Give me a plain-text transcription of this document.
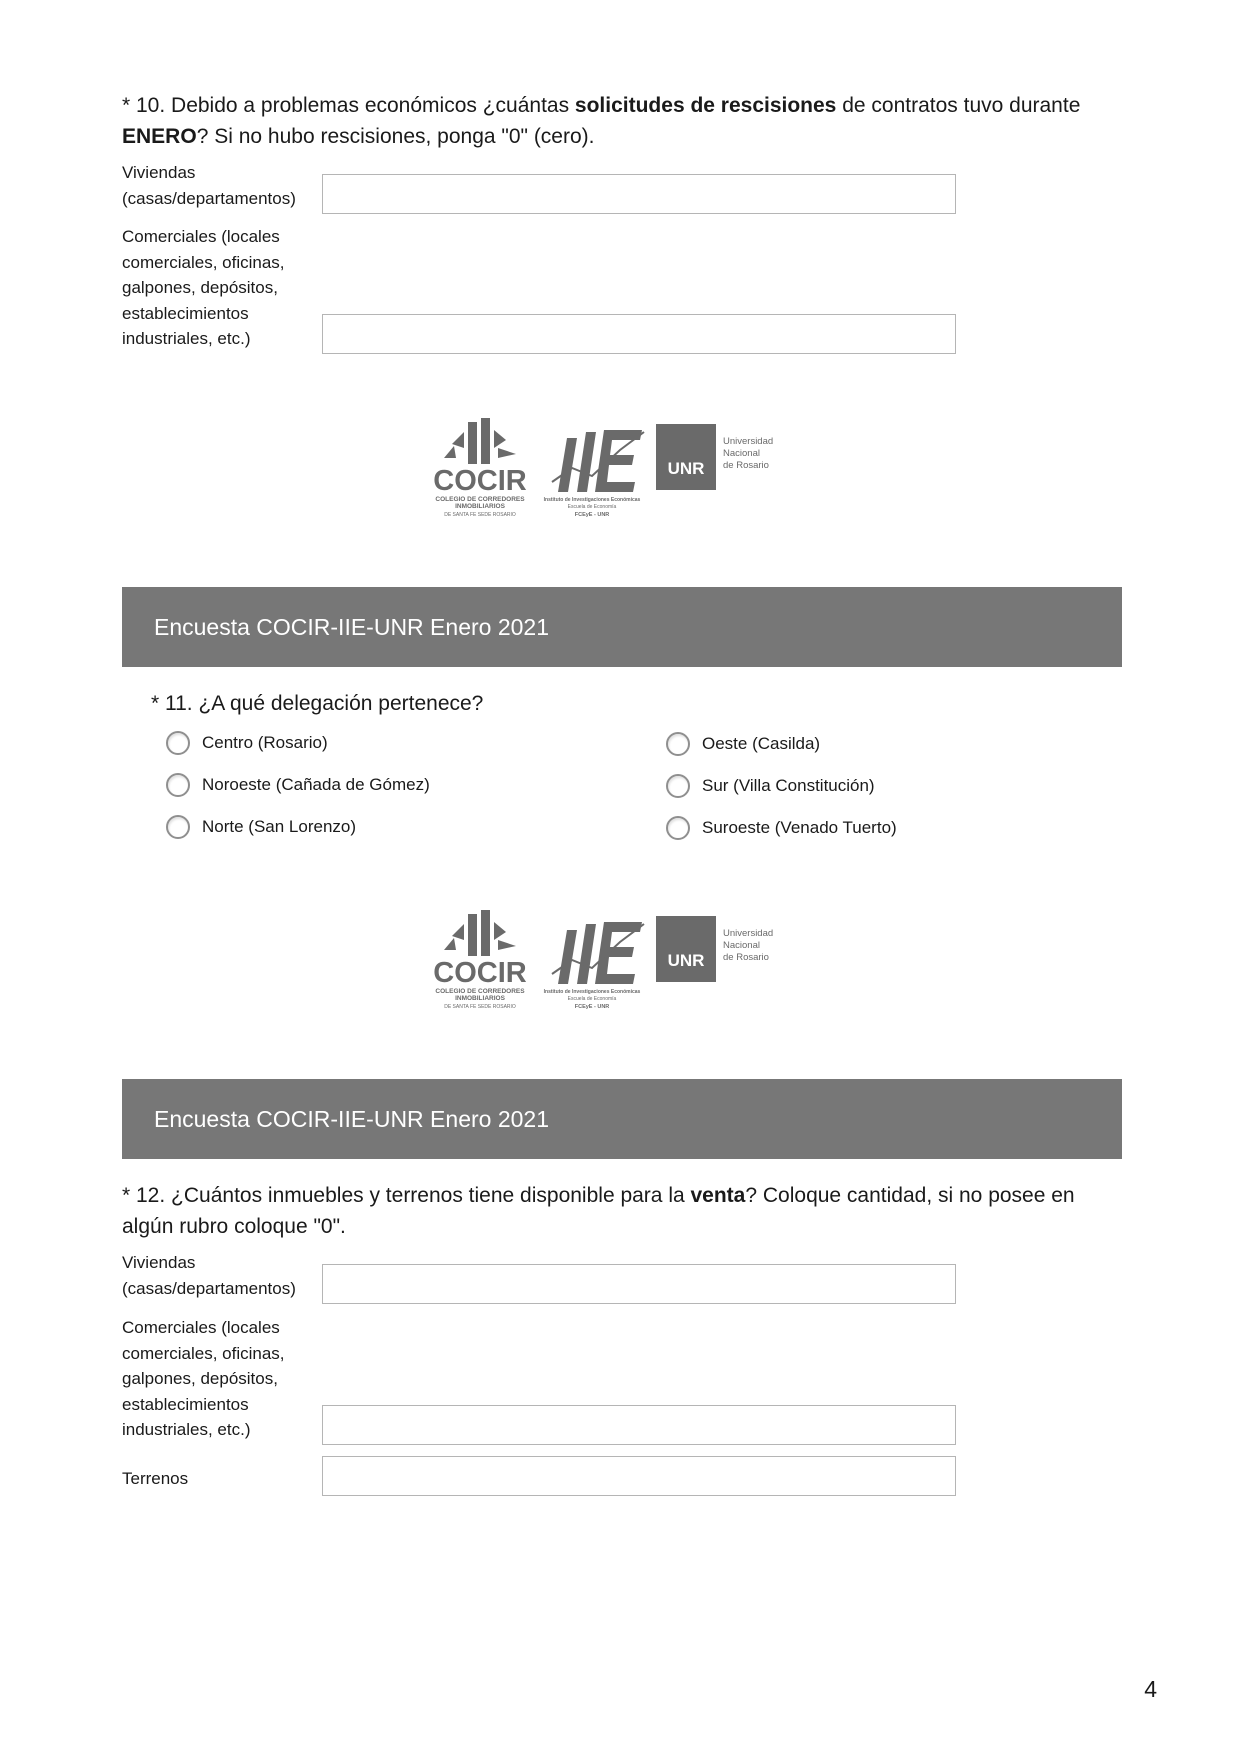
* 10. Debido a problemas económicos ¿cuántas solicitudes de rescisiones de contratos tuvo durante ENERO? Si no hubo rescisiones, ponga "0" (cero).
Viviendas (casas/departamentos)
Comerciales (locales comerciales, oficinas, galpones, depósitos, establecimientos industriales, etc.)
COCIR
COLEGIO DE CORREDORES
INMOBILIARIOS
DE SANTA FE SEDE ROSARIO
Instituto de Investigaciones Económicas
Escuela de Economía
FCEyE - UNR
UNR
Universidad
Nacional
de Rosario
Encuesta COCIR-IIE-UNR Enero 2021
* 11. ¿A qué delegación pertenece?
Centro (Rosario)
Noroeste (Cañada de Gómez)
Norte (San Lorenzo)
Oeste (Casilda)
Sur (Villa Constitución)
Suroeste (Venado Tuerto)
COCIR
COLEGIO DE CORREDORES
INMOBILIARIOS
DE SANTA FE SEDE ROSARIO
Instituto de Investigaciones Económicas
Escuela de Economía
FCEyE - UNR
UNR
Universidad
Nacional
de Rosario
Encuesta COCIR-IIE-UNR Enero 2021
* 12. ¿Cuántos inmuebles y terrenos tiene disponible para la venta? Coloque cantidad, si no posee en algún rubro coloque "0".
Viviendas (casas/departamentos)
Comerciales (locales comerciales, oficinas, galpones, depósitos, establecimientos industriales, etc.)
Terrenos
4
